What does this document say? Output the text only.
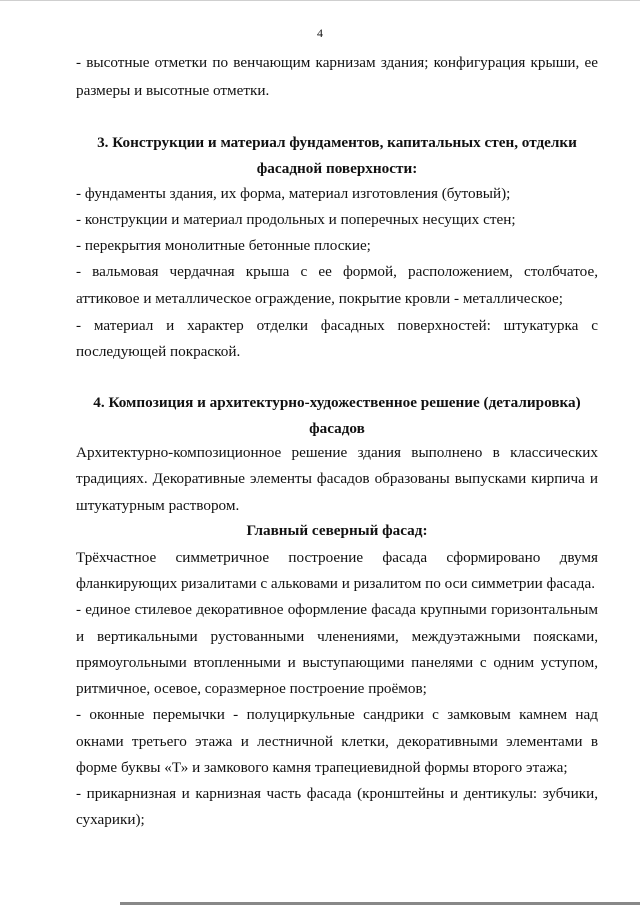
4
- высотные отметки по венчающим карнизам здания; конфигурация крыши, ее
размеры и высотные отметки.
3. Конструкции и материал фундаментов, капитальных стен, отделки
фасадной поверхности:
- фундаменты здания, их форма, материал изготовления (бутовый);
- конструкции и материал продольных и поперечных несущих стен;
- перекрытия монолитные бетонные плоские;
- вальмовая чердачная крыша с ее формой, расположением, столбчатое,
аттиковое и металлическое ограждение, покрытие кровли - металлическое;
- материал и характер отделки фасадных поверхностей: штукатурка с
последующей покраской.
4. Композиция и архитектурно-художественное решение (деталировка)
фасадов
Архитектурно-композиционное решение здания выполнено в классических
традициях. Декоративные элементы фасадов образованы выпусками кирпича и
штукатурным раствором.
Главный северный фасад:
Трёхчастное симметричное построение фасада сформировано двумя
фланкирующих ризалитами с альковами и ризалитом по оси симметрии фасада.
- единое стилевое декоративное оформление фасада крупными горизонтальным
и вертикальными рустованными членениями, междуэтажными поясками,
прямоугольными втопленными и выступающими панелями с одним уступом,
ритмичное, осевое, соразмерное построение проёмов;
- оконные перемычки - полуциркульные сандрики с замковым камнем над
окнами третьего этажа и лестничной клетки, декоративными элементами в
форме буквы «Т» и замкового камня трапециевидной формы второго этажа;
- прикарнизная и карнизная часть фасада (кронштейны и дентикулы: зубчики,
сухарики);
